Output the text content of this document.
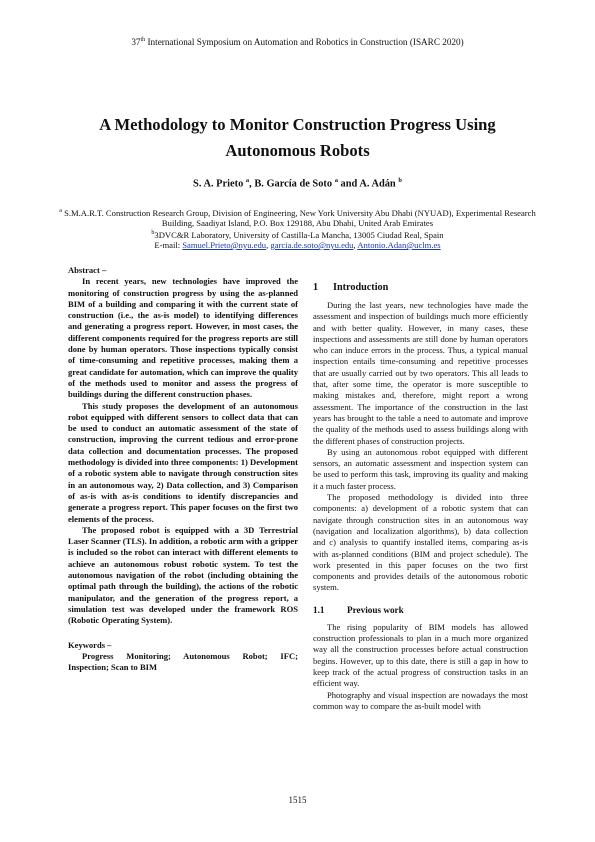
37th International Symposium on Automation and Robotics in Construction (ISARC 2020)
A Methodology to Monitor Construction Progress Using Autonomous Robots
S. A. Prieto $^a$, B. García de Soto $^a$ and A. Adán $^b$
$^a$ S.M.A.R.T. Construction Research Group, Division of Engineering, New York University Abu Dhabi (NYUAD), Experimental Research Building, Saadiyat Island, P.O. Box 129188, Abu Dhabi, United Arab Emirates
$^b$3DVC&R Laboratory, University of Castilla-La Mancha, 13005 Ciudad Real, Spain
E-mail: Samuel.Prieto@nyu.edu, garcia.de.soto@nyu.edu, Antonio.Adan@uclm.es

Abstract –

In recent years, new technologies have improved the monitoring of construction progress by using the as-planned BIM of a building and comparing it with the current state of construction (i.e., the as-is model) to identifying differences and generating a progress report. However, in most cases, the different components required for the progress reports are still done by human operators. Those inspections typically consist of time-consuming and repetitive processes, making them a great candidate for automation, which can improve the quality of the methods used to monitor and assess the progress of buildings during the different construction phases.

This study proposes the development of an autonomous robot equipped with different sensors to collect data that can be used to conduct an automatic assessment of the state of construction, improving the current tedious and error-prone data collection and documentation processes. The proposed methodology is divided into three components: 1) Development of a robotic system able to navigate through construction sites in an autonomous way, 2) Data collection, and 3) Comparison of as-is with as-is conditions to identify discrepancies and generate a progress report. This paper focuses on the first two elements of the process.

The proposed robot is equipped with a 3D Terrestrial Laser Scanner (TLS). In addition, a robotic arm with a gripper is included so the robot can interact with different elements to achieve an autonomous robust robotic system. To test the autonomous navigation of the robot (including obtaining the optimal path through the building), the actions of the robotic manipulator, and the generation of the progress report, a simulation test was developed under the framework ROS (Robotic Operating System).

Keywords –

Progress Monitoring; Autonomous Robot; IFC; Inspection; Scan to BIM

1 Introduction

During the last years, new technologies have made the assessment and inspection of buildings much more efficiently and with better quality. However, in many cases, these inspections and assessments are still done by human operators who can induce errors in the process. Thus, a typical manual inspection entails time-consuming and repetitive processes that are usually carried out by two operators. This all leads to that, after some time, the operator is more susceptible to making mistakes and, therefore, might report a wrong assessment. The importance of the construction in the last years has brought to the table a need to automate and improve the quality of the methods used to assess buildings along with the different phases of construction projects.

By using an autonomous robot equipped with different sensors, an automatic assessment and inspection system can be used to perform this task, improving its quality and making it a much faster process.

The proposed methodology is divided into three components: a) development of a robotic system that can navigate through construction sites in an autonomous way (navigation and localization algorithms), b) data collection and c) analysis to quantify installed items, comparing as-is with as-planned conditions (BIM and project schedule). The work presented in this paper focuses on the two first components and provides details of the autonomous robotic system.

1.1 Previous work

The rising popularity of BIM models has allowed construction professionals to plan in a much more organized way all the construction processes before actual construction begins. However, up to this date, there is still a gap in how to keep track of the actual progress of construction tasks in an efficient way.

Photography and visual inspection are nowadays the most common way to compare the as-built model with

1515
